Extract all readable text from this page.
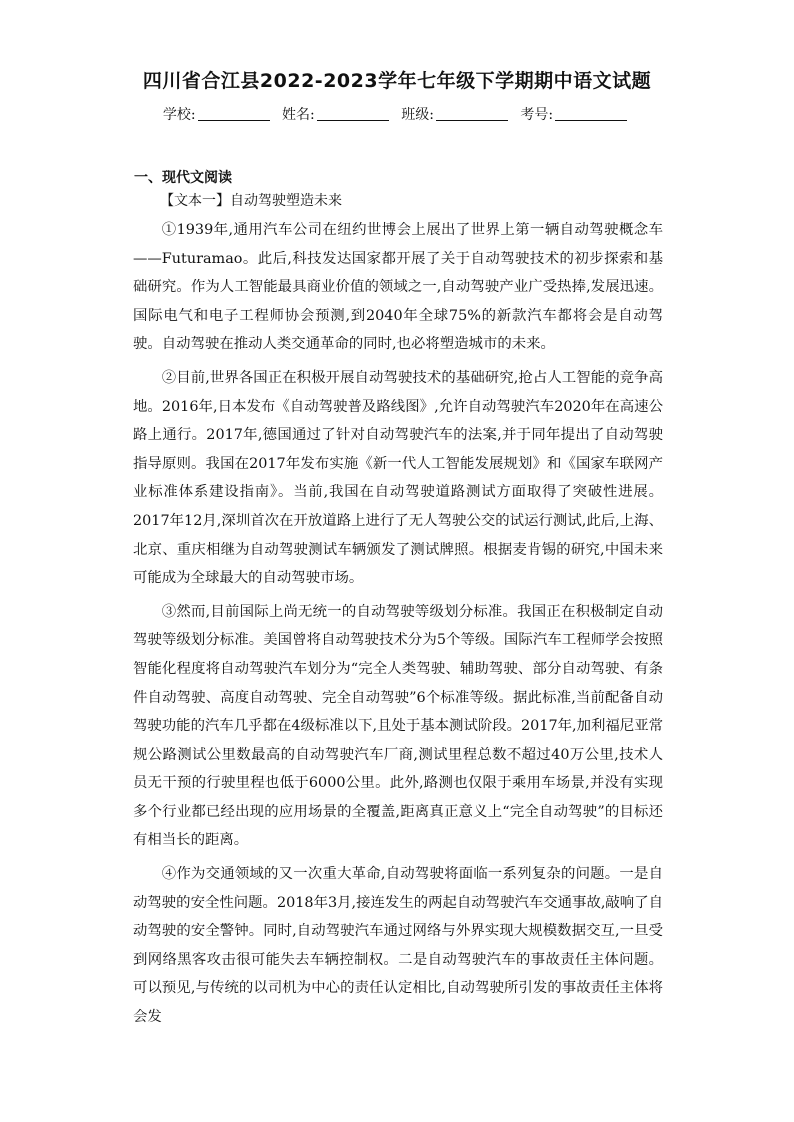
四川省合江县2022-2023学年七年级下学期期中语文试题
学校:	姓名:	班级:	考号:
一、现代文阅读
【文本一】自动驾驶塑造未来

①1939年,通用汽车公司在纽约世博会上展出了世界上第一辆自动驾驶概念车——Futuramao。此后,科技发达国家都开展了关于自动驾驶技术的初步探索和基础研究。作为人工智能最具商业价值的领域之一,自动驾驶产业广受热捧,发展迅速。国际电气和电子工程师协会预测,到2040年全球75%的新款汽车都将会是自动驾驶。自动驾驶在推动人类交通革命的同时,也必将塑造城市的未来。

②目前,世界各国正在积极开展自动驾驶技术的基础研究,抢占人工智能的竞争高地。2016年,日本发布《自动驾驶普及路线图》,允许自动驾驶汽车2020年在高速公路上通行。2017年,德国通过了针对自动驾驶汽车的法案,并于同年提出了自动驾驶指导原则。我国在2017年发布实施《新一代人工智能发展规划》和《国家车联网产业标准体系建设指南》。当前,我国在自动驾驶道路测试方面取得了突破性进展。2017年12月,深圳首次在开放道路上进行了无人驾驶公交的试运行测试,此后,上海、北京、重庆相继为自动驾驶测试车辆颁发了测试牌照。根据麦肯锡的研究,中国未来可能成为全球最大的自动驾驶市场。

③然而,目前国际上尚无统一的自动驾驶等级划分标准。我国正在积极制定自动驾驶等级划分标准。美国曾将自动驾驶技术分为5个等级。国际汽车工程师学会按照智能化程度将自动驾驶汽车划分为“完全人类驾驶、辅助驾驶、部分自动驾驶、有条件自动驾驶、高度自动驾驶、完全自动驾驶”6个标准等级。据此标准,当前配备自动驾驶功能的汽车几乎都在4级标准以下,且处于基本测试阶段。2017年,加利福尼亚常规公路测试公里数最高的自动驾驶汽车厂商,测试里程总数不超过40万公里,技术人员无干预的行驶里程也低于6000公里。此外,路测也仅限于乘用车场景,并没有实现多个行业都已经出现的应用场景的全覆盖,距离真正意义上“完全自动驾驶”的目标还有相当长的距离。

④作为交通领域的又一次重大革命,自动驾驶将面临一系列复杂的问题。一是自动驾驶的安全性问题。2018年3月,接连发生的两起自动驾驶汽车交通事故,敲响了自动驾驶的安全警钟。同时,自动驾驶汽车通过网络与外界实现大规模数据交互,一旦受到网络黑客攻击很可能失去车辆控制权。二是自动驾驶汽车的事故责任主体问题。可以预见,与传统的以司机为中心的责任认定相比,自动驾驶所引发的事故责任主体将会发
